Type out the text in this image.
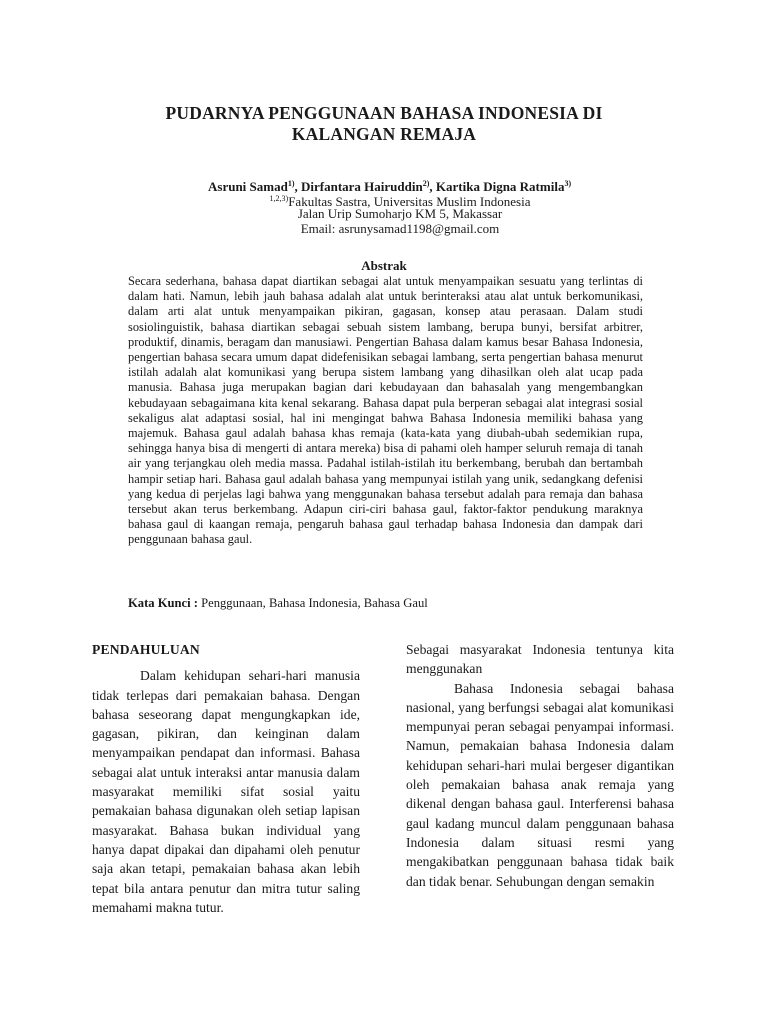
PUDARNYA PENGGUNAAN BAHASA INDONESIA DI
KALANGAN REMAJA
Asruni Samad$^{1)}$, Dirfantara Hairuddin$^{2)}$, Kartika Digna Ratmila$^{3)}$
$^{1,2,3)}$Fakultas Sastra, Universitas Muslim Indonesia
Jalan Urip Sumoharjo KM 5, Makassar
Email: asrunysamad1198@gmail.com
Abstrak
Secara sederhana, bahasa dapat diartikan sebagai alat untuk menyampaikan sesuatu yang terlintas di dalam hati. Namun, lebih jauh bahasa adalah alat untuk berinteraksi atau alat untuk berkomunikasi, dalam arti alat untuk menyampaikan pikiran, gagasan, konsep atau perasaan. Dalam studi sosiolinguistik, bahasa diartikan sebagai sebuah sistem lambang, berupa bunyi, bersifat arbitrer, produktif, dinamis, beragam dan manusiawi. Pengertian Bahasa dalam kamus besar Bahasa Indonesia, pengertian bahasa secara umum dapat didefenisikan sebagai lambang, serta pengertian bahasa menurut istilah adalah alat komunikasi yang berupa sistem lambang yang dihasilkan oleh alat ucap pada manusia. Bahasa juga merupakan bagian dari kebudayaan dan bahasalah yang mengembangkan kebudayaan sebagaimana kita kenal sekarang. Bahasa dapat pula berperan sebagai alat integrasi sosial sekaligus alat adaptasi sosial, hal ini mengingat bahwa Bahasa Indonesia memiliki bahasa yang majemuk. Bahasa gaul adalah bahasa khas remaja (kata-kata yang diubah-ubah sedemikian rupa, sehingga hanya bisa di mengerti di antara mereka) bisa di pahami oleh hamper seluruh remaja di tanah air yang terjangkau oleh media massa. Padahal istilah-istilah itu berkembang, berubah dan bertambah hampir setiap hari. Bahasa gaul adalah bahasa yang mempunyai istilah yang unik, sedangkang defenisi yang kedua di perjelas lagi bahwa yang menggunakan bahasa tersebut adalah para remaja dan bahasa tersebut akan terus berkembang. Adapun ciri-ciri bahasa gaul, faktor-faktor pendukung maraknya bahasa gaul di kaangan remaja, pengaruh bahasa gaul terhadap bahasa Indonesia dan dampak dari penggunaan bahasa gaul.
Kata Kunci : Penggunaan, Bahasa Indonesia, Bahasa Gaul
PENDAHULUAN

Dalam kehidupan sehari-hari manusia tidak terlepas dari pemakaian bahasa. Dengan bahasa seseorang dapat mengungkapkan ide, gagasan, pikiran, dan keinginan dalam menyampaikan pendapat dan informasi. Bahasa sebagai alat untuk interaksi antar manusia dalam masyarakat memiliki sifat sosial yaitu pemakaian bahasa digunakan oleh setiap lapisan masyarakat. Bahasa bukan individual yang hanya dapat dipakai dan dipahami oleh penutur saja akan tetapi, pemakaian bahasa akan lebih tepat bila antara penutur dan mitra tutur saling memahami makna tutur.

Sebagai masyarakat Indonesia tentunya kita menggunakan

Bahasa Indonesia sebagai bahasa nasional, yang berfungsi sebagai alat komunikasi mempunyai peran sebagai penyampai informasi. Namun, pemakaian bahasa Indonesia dalam kehidupan sehari-hari mulai bergeser digantikan oleh pemakaian bahasa anak remaja yang dikenal dengan bahasa gaul. Interferensi bahasa gaul kadang muncul dalam penggunaan bahasa Indonesia dalam situasi resmi yang mengakibatkan penggunaan bahasa tidak baik dan tidak benar. Sehubungan dengan semakin
